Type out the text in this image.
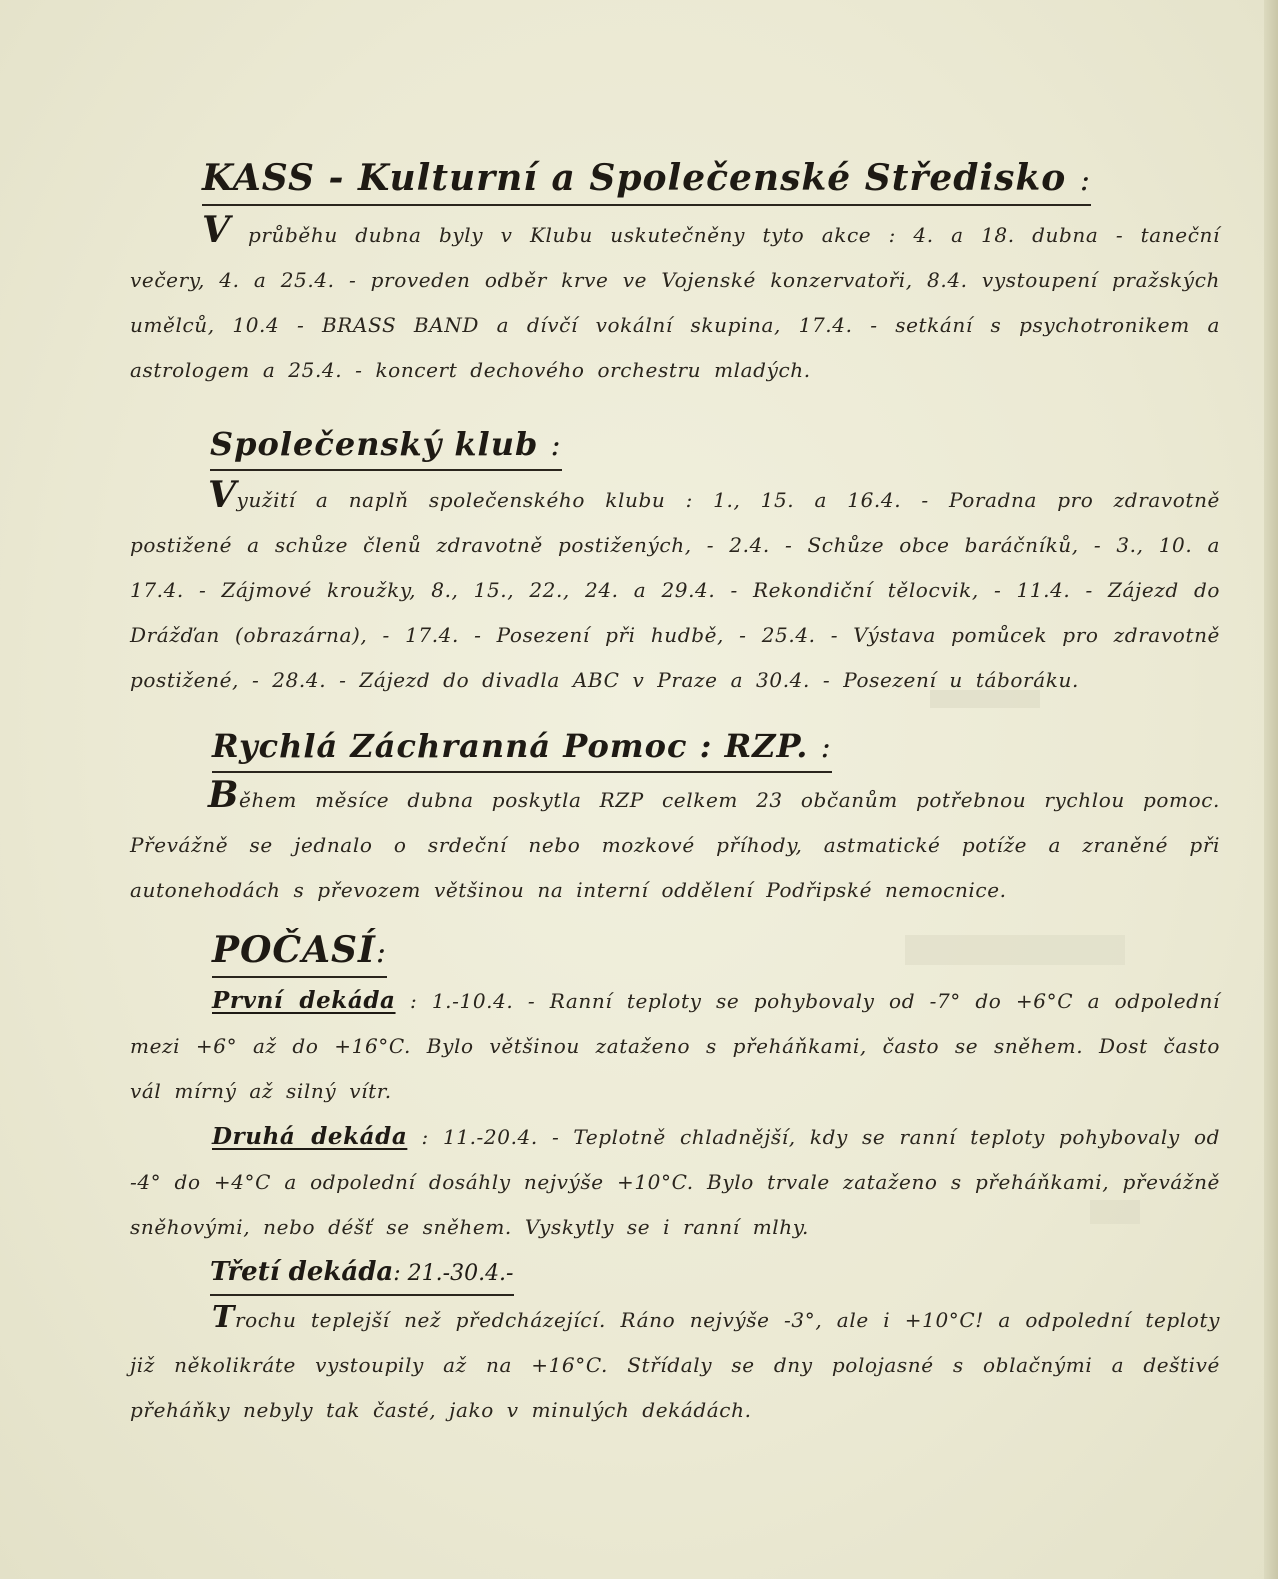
KASS - Kulturní a Společenské Středisko :

V průběhu dubna byly v Klubu uskutečněny tyto akce : 4. a 18. dubna - taneční večery, 4. a 25.4. - proveden odběr krve ve Vojenské konzervatoři, 8.4. vystoupení pražských umělců, 10.4 - BRASS BAND a dívčí vokální skupina, 17.4. - setkání s psychotronikem a astrologem a 25.4. - koncert dechového orchestru mladých.

Společenský klub :

Využití a naplň společenského klubu : 1., 15. a 16.4. - Poradna pro zdravotně postižené a schůze členů zdravotně postižených, - 2.4. - Schůze obce baráčníků, - 3., 10. a 17.4. - Zájmové kroužky, 8., 15., 22., 24. a 29.4. - Rekondiční tělocvik, - 11.4. - Zájezd do Drážďan (obrazárna), - 17.4. - Posezení při hudbě, - 25.4. - Výstava pomůcek pro zdravotně postižené, - 28.4. - Zájezd do divadla ABC v Praze a 30.4. - Posezení u táboráku.

Rychlá Záchranná Pomoc : RZP. :

Během měsíce dubna poskytla RZP celkem 23 občanům potřebnou rychlou pomoc. Převážně se jednalo o srdeční nebo mozkové příhody, astmatické potíže a zraněné při autonehodách s převozem většinou na interní oddělení Podřipské nemocnice.

POČASÍ:

První dekáda : 1.-10.4. - Ranní teploty se pohybovaly od -7° do +6°C a odpolední mezi +6° až do +16°C. Bylo většinou zataženo s přeháňkami, často se sněhem. Dost často vál mírný až silný vítr.

Druhá dekáda : 11.-20.4. - Teplotně chladnější, kdy se ranní teploty pohybovaly od -4° do +4°C a odpolední dosáhly nejvýše +10°C. Bylo trvale zataženo s přeháňkami, převážně sněhovými, nebo déšť se sněhem. Vyskytly se i ranní mlhy.

Třetí dekáda: 21.-30.4.-

Trochu teplejší než předcházející. Ráno nejvýše -3°, ale i +10°C! a odpolední teploty již několikráte vystoupily až na +16°C. Střídaly se dny polojasné s oblačnými a deštivé přeháňky nebyly tak časté, jako v minulých dekádách.
